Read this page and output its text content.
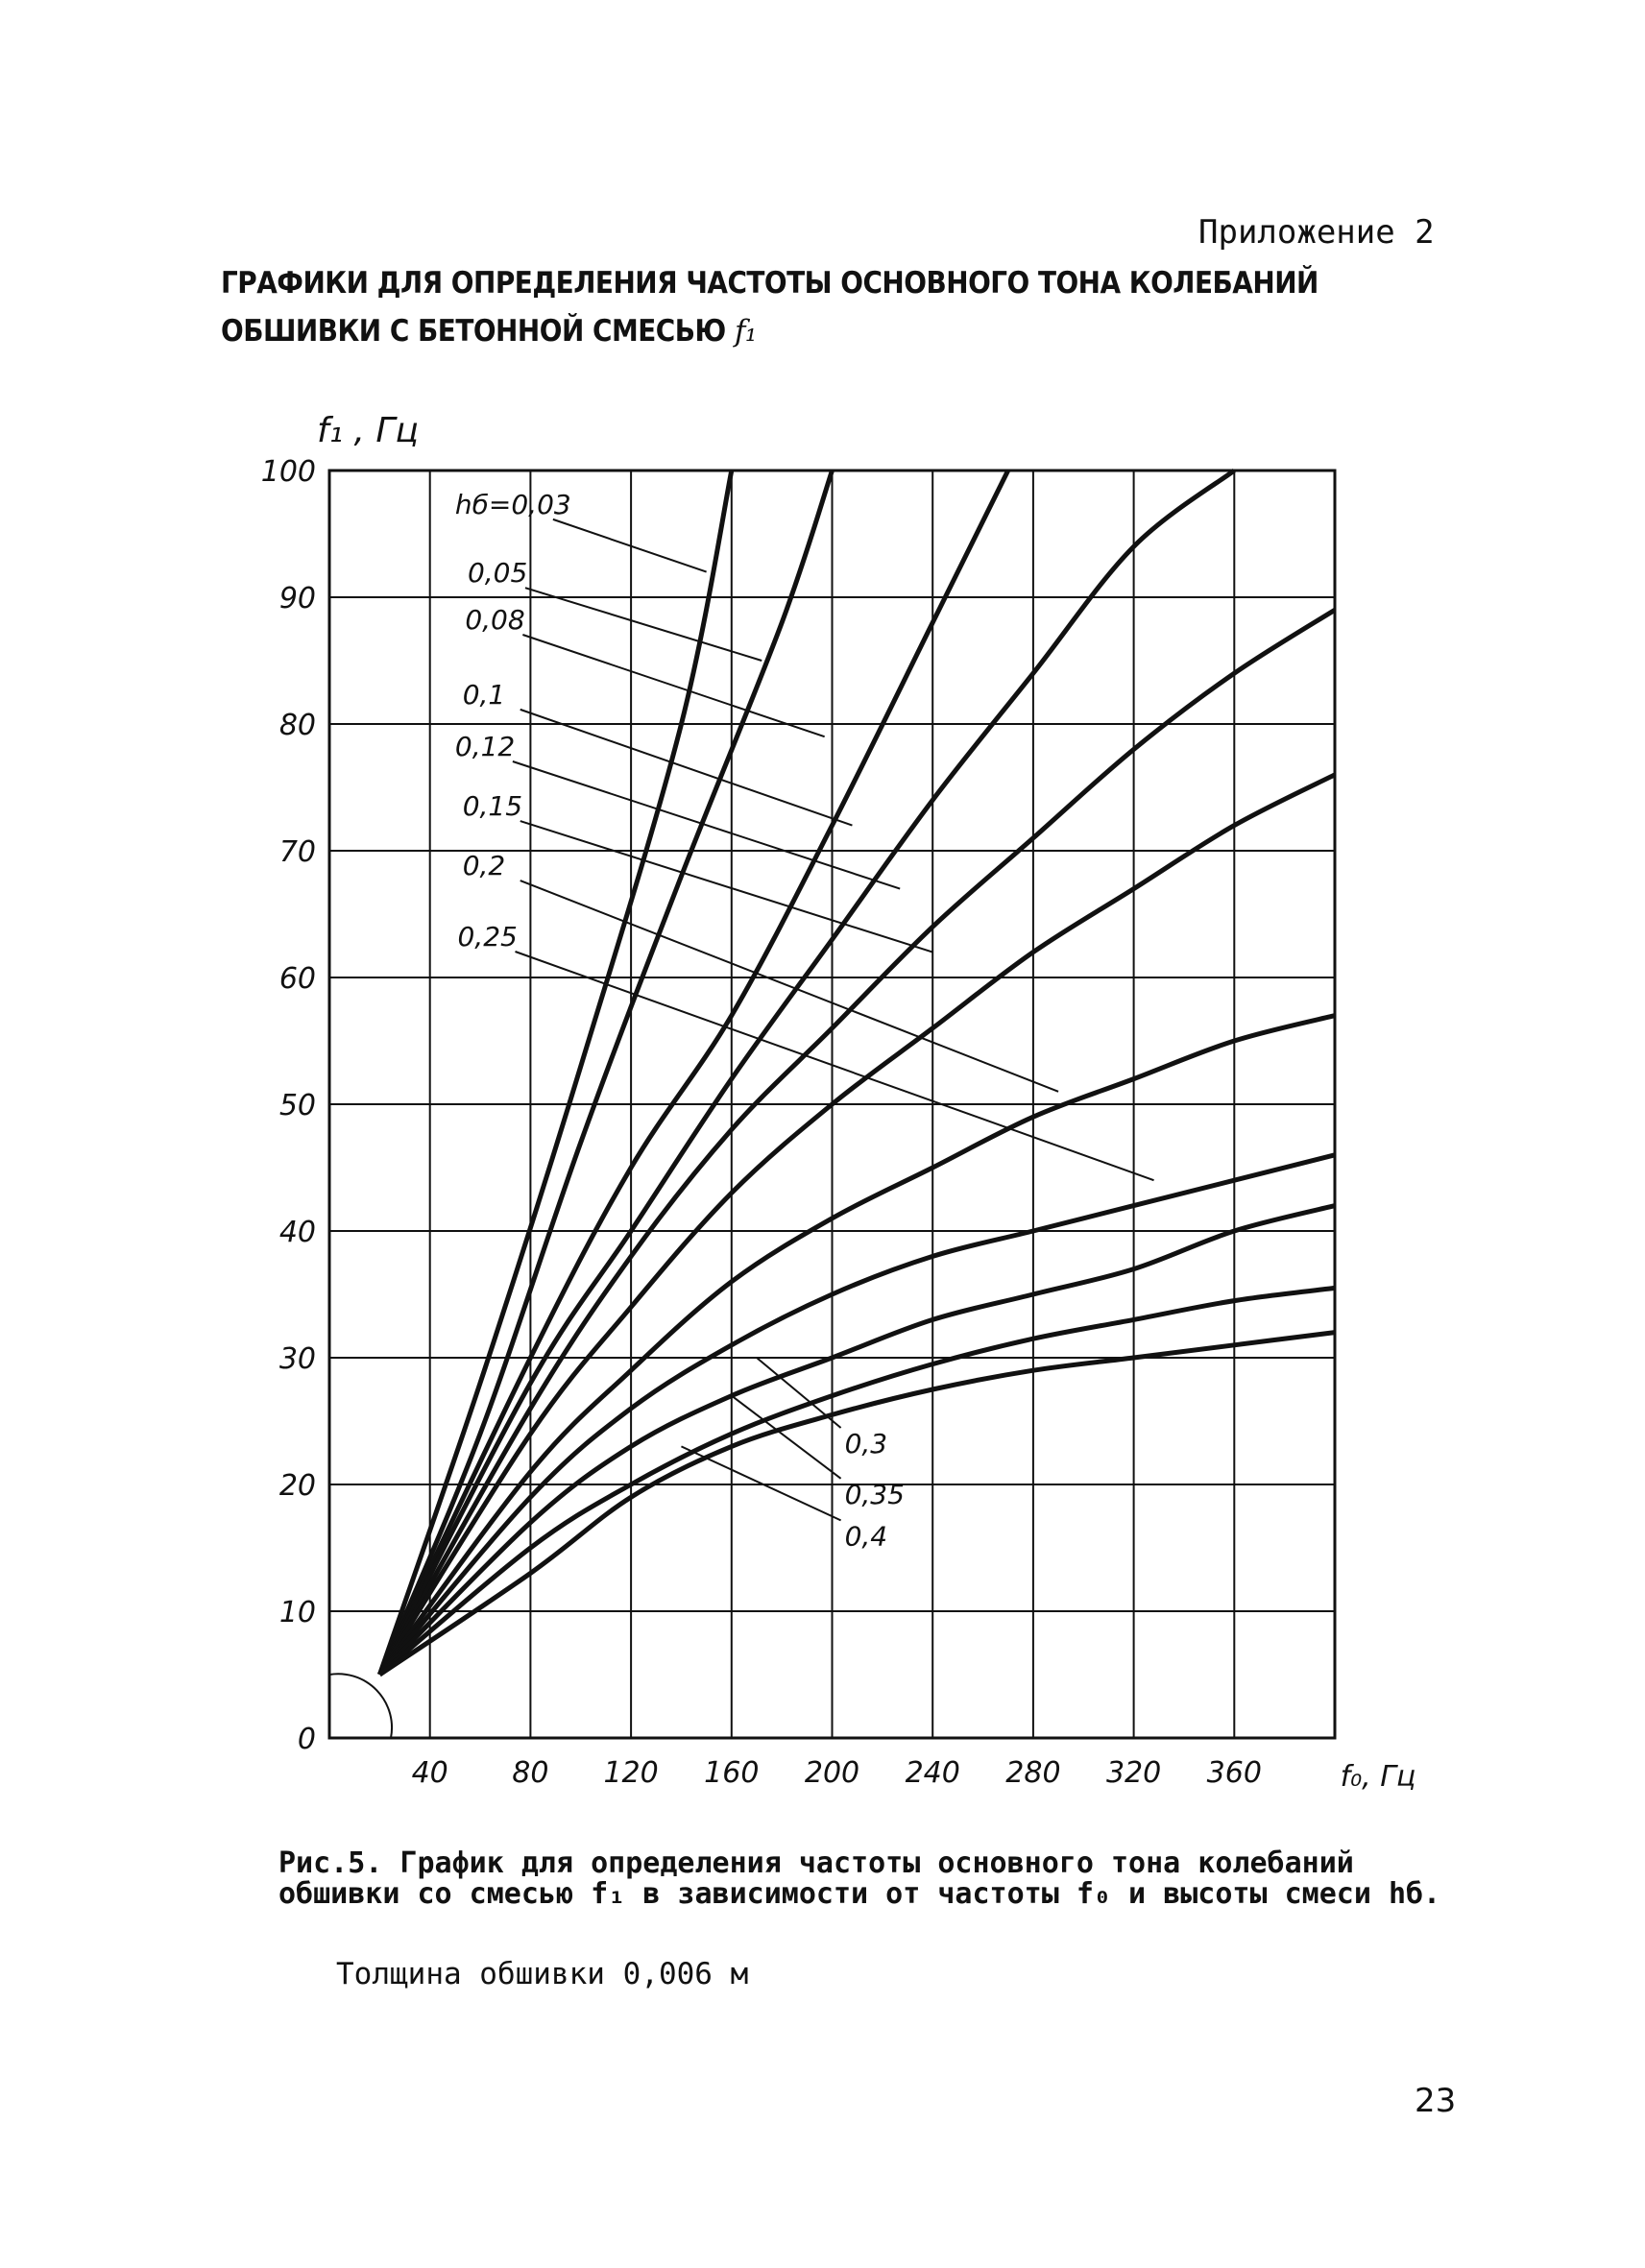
Приложение 2
ГРАФИКИ ДЛЯ ОПРЕДЕЛЕНИЯ ЧАСТОТЫ ОСНОВНОГО ТОНА КОЛЕБАНИЙ
ОБШИВКИ С БЕТОННОЙ СМЕСЬЮ f₁
f₁ , Гц
40 80 120 160 200 240 280 320 360
0
10
20
30
40
50
60
70
80
90
100
f₀, Гц
hб=0,03
0,05
0,08
0,1
0,12
0,15
0,2
0,25
0,3
0,35
0,4
Рис.5. График для определения частоты основного тона колебаний обшивки со смесью f₁ в зависимости от частоты f₀ и высоты смеси hб.
Толщина обшивки 0,006 м
23
